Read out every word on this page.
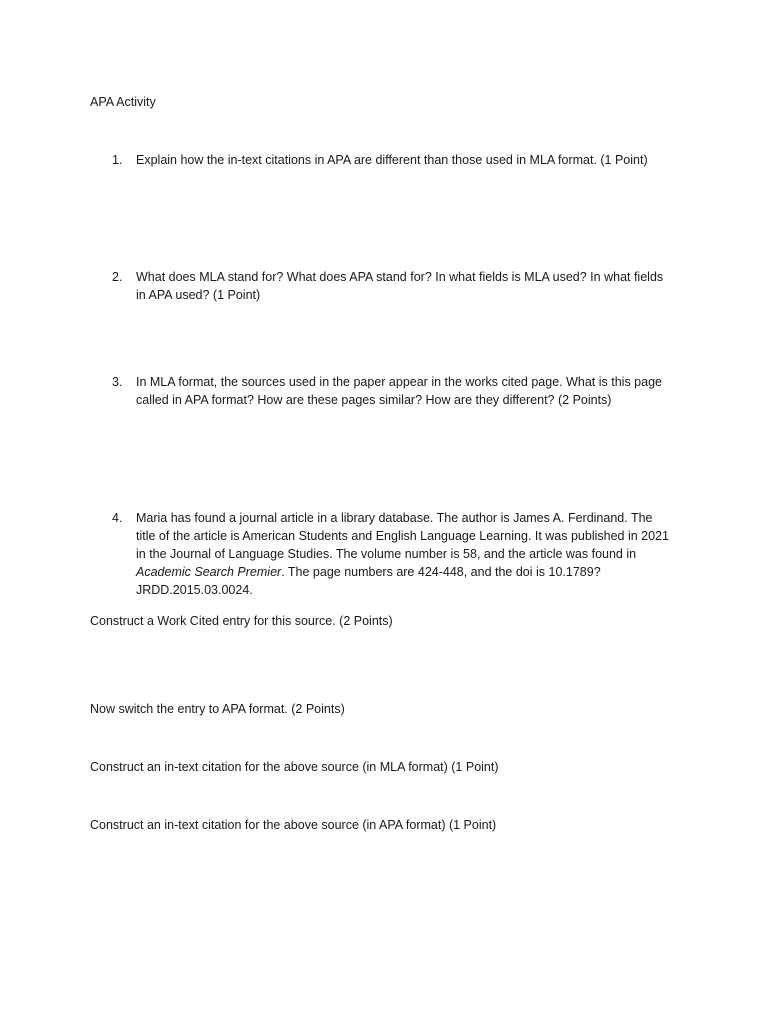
APA Activity
1.	Explain how the in-text citations in APA are different than those used in MLA format. (1 Point)
2.	What does MLA stand for? What does APA stand for? In what fields is MLA used? In what fields in APA used? (1 Point)
3.	In MLA format, the sources used in the paper appear in the works cited page. What is this page called in APA format? How are these pages similar? How are they different? (2 Points)
4.	Maria has found a journal article in a library database. The author is James A. Ferdinand. The title of the article is American Students and English Language Learning. It was published in 2021 in the Journal of Language Studies. The volume number is 58, and the article was found in Academic Search Premier. The page numbers are 424-448, and the doi is 10.1789?JRDD.2015.03.0024.
Construct a Work Cited entry for this source. (2 Points)
Now switch the entry to APA format. (2 Points)
Construct an in-text citation for the above source (in MLA format) (1 Point)
Construct an in-text citation for the above source (in APA format) (1 Point)
